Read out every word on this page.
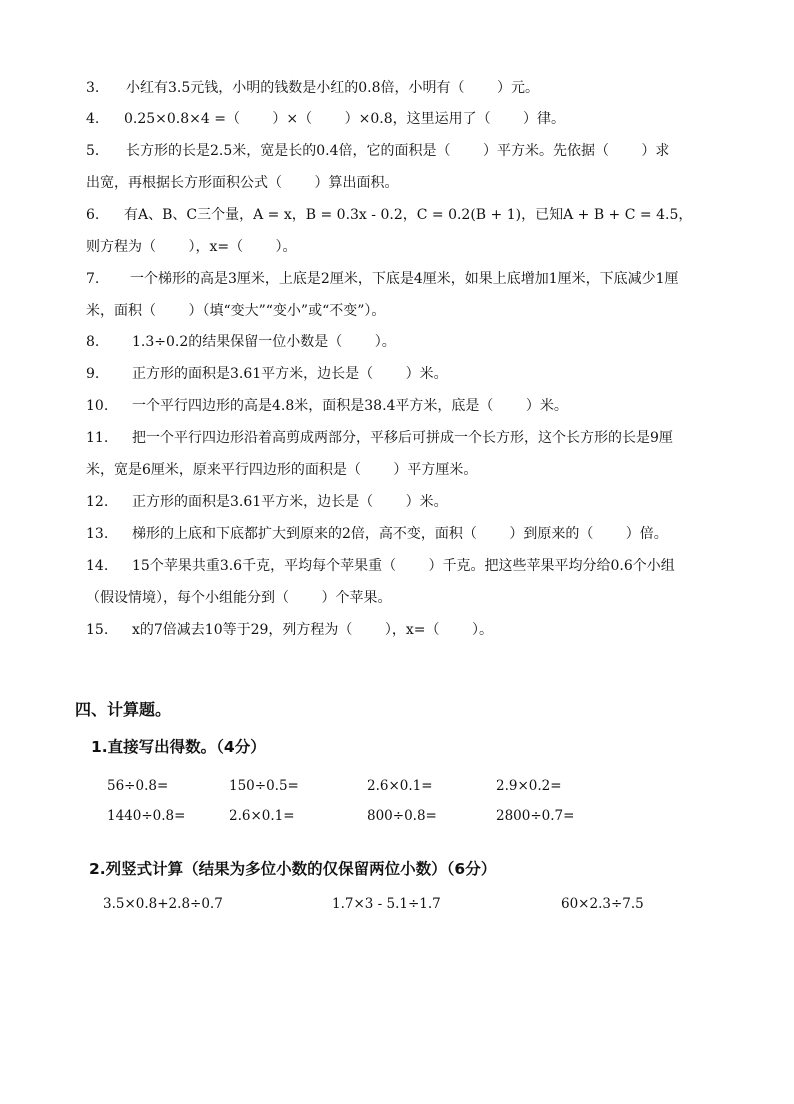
3. 小红有3.5元钱，小明的钱数是小红的0.8倍，小明有（　　 ）元。
4. 0.25×0.8×4 =（　　 ）×（　　 ）×0.8，这里运用了（　　 ）律。
5． 长方形的长是2.5米，宽是长的0.4倍，它的面积是（　　 ）平方米。先依据（　　 ）求
出宽，再根据长方形面积公式（　　 ）算出面积。
6. 有A、B、C三个量，A = x，B = 0.3x - 0.2，C = 0.2(B + 1)，已知A + B + C = 4.5，
则方程为（　　 ），x=（　　 ）。
7. 一个梯形的高是3厘米，上底是2厘米，下底是4厘米，如果上底增加1厘米，下底减少1厘
米，面积（　　 ）（填“变大”“变小”或“不变”）。
8. 1.3÷0.2的结果保留一位小数是（　　 ）。
9. 正方形的面积是3.61平方米，边长是（　　 ）米。
10. 一个平行四边形的高是4.8米，面积是38.4平方米，底是（　　 ）米。
11. 把一个平行四边形沿着高剪成两部分，平移后可拼成一个长方形，这个长方形的长是9厘
米，宽是6厘米，原来平行四边形的面积是（　　 ）平方厘米。
12. 正方形的面积是3.61平方米，边长是（　　 ）米。
13. 梯形的上底和下底都扩大到原来的2倍，高不变，面积（　　 ）到原来的（　　 ）倍。
14. 15个苹果共重3.6千克，平均每个苹果重（　　 ）千克。把这些苹果平均分给0.6个小组
（假设情境），每个小组能分到（　　 ）个苹果。
15. x的7倍减去10等于29，列方程为（　　 ），x=（　　 ）。
四、计算题。
1.直接写出得数。（4分）
56÷0.8=	150÷0.5=	2.6×0.1=	2.9×0.2=
1440÷0.8=	2.6×0.1=	800÷0.8=	2800÷0.7=
2.列竖式计算（结果为多位小数的仅保留两位小数）（6分）
3.5×0.8+2.8÷0.7	1.7×3 - 5.1÷1.7	60×2.3÷7.5
